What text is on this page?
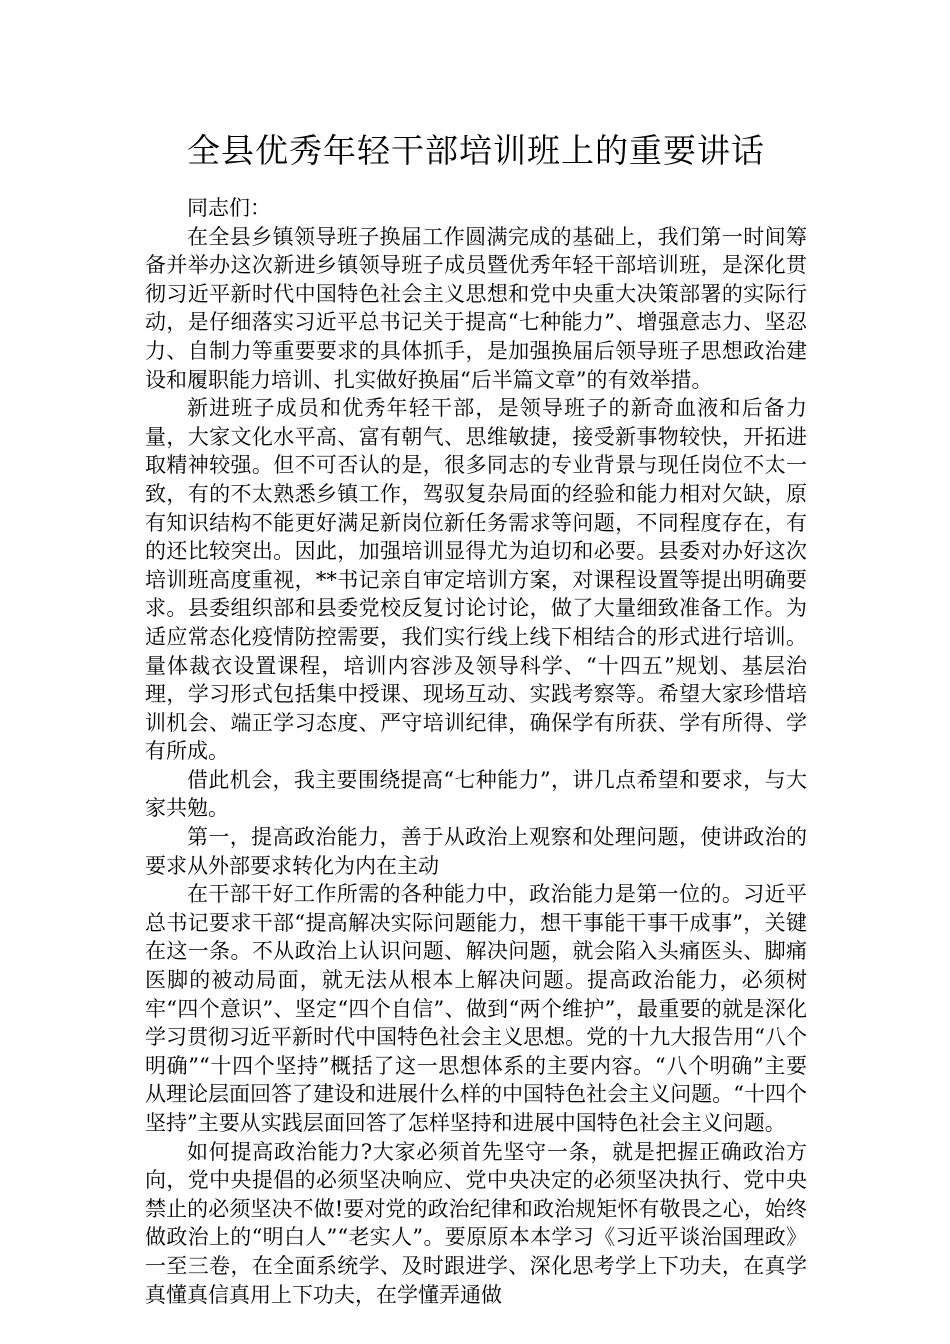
全县优秀年轻干部培训班上的重要讲话

同志们：

在全县乡镇领导班子换届工作圆满完成的基础上，我们第一时间筹备并举办这次新进乡镇领导班子成员暨优秀年轻干部培训班，是深化贯彻习近平新时代中国特色社会主义思想和党中央重大决策部署的实际行动，是仔细落实习近平总书记关于提高“七种能力”、增强意志力、坚忍力、自制力等重要要求的具体抓手，是加强换届后领导班子思想政治建设和履职能力培训、扎实做好换届“后半篇文章”的有效举措。

新进班子成员和优秀年轻干部，是领导班子的新奇血液和后备力量，大家文化水平高、富有朝气、思维敏捷，接受新事物较快，开拓进取精神较强。但不可否认的是，很多同志的专业背景与现任岗位不太一致，有的不太熟悉乡镇工作，驾驭复杂局面的经验和能力相对欠缺，原有知识结构不能更好满足新岗位新任务需求等问题，不同程度存在，有的还比较突出。因此，加强培训显得尤为迫切和必要。县委对办好这次培训班高度重视，**书记亲自审定培训方案，对课程设置等提出明确要求。县委组织部和县委党校反复讨论讨论，做了大量细致准备工作。为适应常态化疫情防控需要，我们实行线上线下相结合的形式进行培训。量体裁衣设置课程，培训内容涉及领导科学、“十四五”规划、基层治理，学习形式包括集中授课、现场互动、实践考察等。希望大家珍惜培训机会、端正学习态度、严守培训纪律，确保学有所获、学有所得、学有所成。

借此机会，我主要围绕提高“七种能力”，讲几点希望和要求，与大家共勉。

第一，提高政治能力，善于从政治上观察和处理问题，使讲政治的要求从外部要求转化为内在主动

在干部干好工作所需的各种能力中，政治能力是第一位的。习近平总书记要求干部“提高解决实际问题能力，想干事能干事干成事”，关键在这一条。不从政治上认识问题、解决问题，就会陷入头痛医头、脚痛医脚的被动局面，就无法从根本上解决问题。提高政治能力，必须树牢“四个意识”、坚定“四个自信”、做到“两个维护”，最重要的就是深化学习贯彻习近平新时代中国特色社会主义思想。党的十九大报告用“八个明确”“十四个坚持”概括了这一思想体系的主要内容。“八个明确”主要从理论层面回答了建设和进展什么样的中国特色社会主义问题。“十四个坚持”主要从实践层面回答了怎样坚持和进展中国特色社会主义问题。

如何提高政治能力?大家必须首先坚守一条，就是把握正确政治方向，党中央提倡的必须坚决响应、党中央决定的必须坚决执行、党中央禁止的必须坚决不做!要对党的政治纪律和政治规矩怀有敬畏之心，始终做政治上的“明白人”“老实人”。要原原本本学习《习近平谈治国理政》一至三卷，在全面系统学、及时跟进学、深化思考学上下功夫，在真学真懂真信真用上下功夫，在学懂弄通做
